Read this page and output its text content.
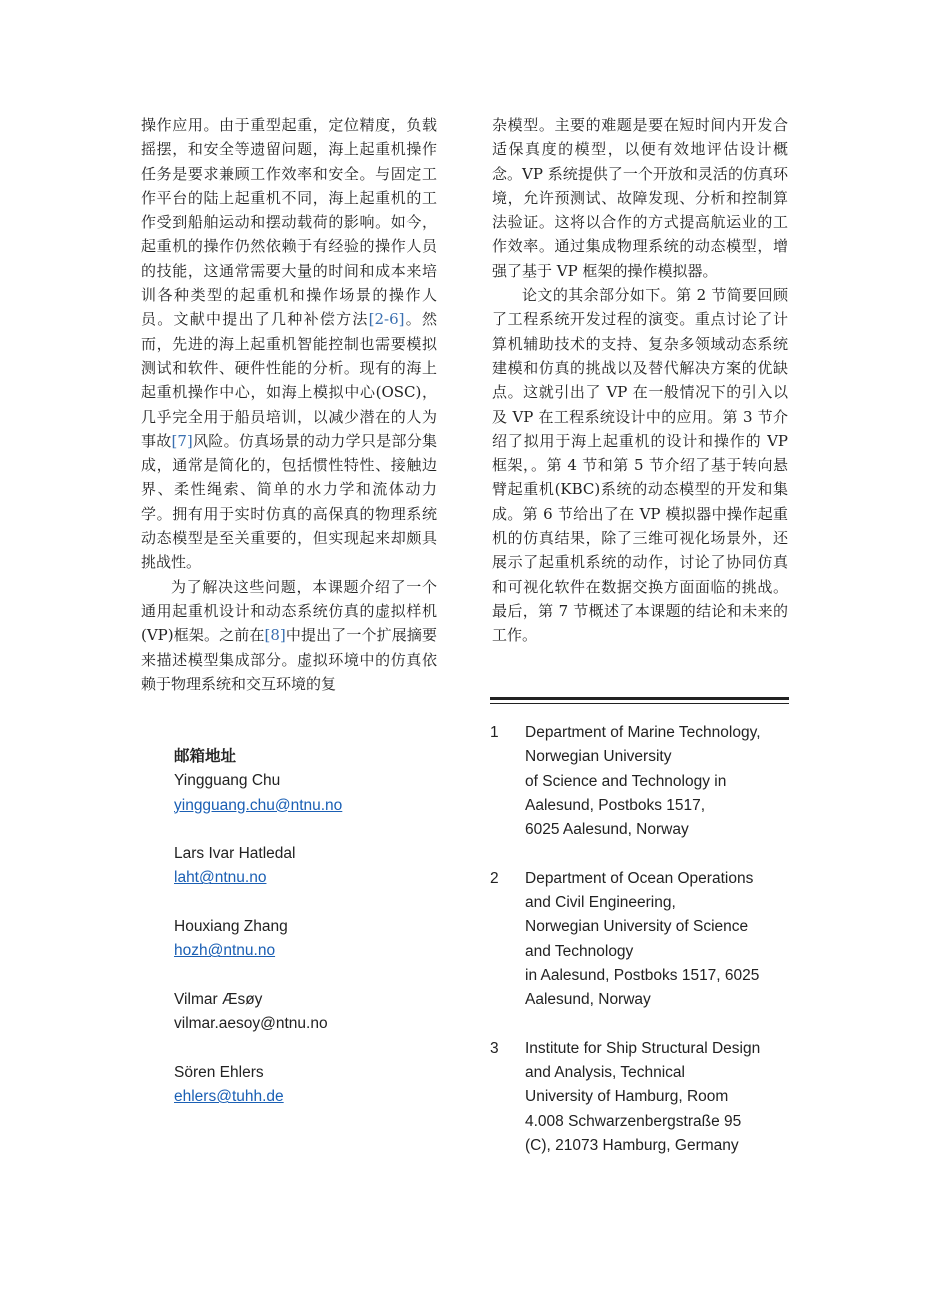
操作应用。由于重型起重，定位精度，负载摇摆，和安全等遗留问题，海上起重机操作任务是要求兼顾工作效率和安全。与固定工作平台的陆上起重机不同，海上起重机的工作受到船舶运动和摆动载荷的影响。如今，起重机的操作仍然依赖于有经验的操作人员的技能，这通常需要大量的时间和成本来培训各种类型的起重机和操作场景的操作人员。文献中提出了几种补偿方法[2-6]。然而，先进的海上起重机智能控制也需要模拟测试和软件、硬件性能的分析。现有的海上起重机操作中心，如海上模拟中心(OSC)，几乎完全用于船员培训，以减少潜在的人为事故[7]风险。仿真场景的动力学只是部分集成，通常是简化的，包括惯性特性、接触边界、柔性绳索、简单的水力学和流体动力学。拥有用于实时仿真的高保真的物理系统动态模型是至关重要的，但实现起来却颇具挑战性。

为了解决这些问题，本课题介绍了一个通用起重机设计和动态系统仿真的虚拟样机(VP)框架。之前在[8]中提出了一个扩展摘要来描述模型集成部分。虚拟环境中的仿真依赖于物理系统和交互环境的复

杂模型。主要的难题是要在短时间内开发合适保真度的模型，以便有效地评估设计概念。VP 系统提供了一个开放和灵活的仿真环境，允许预测试、故障发现、分析和控制算法验证。这将以合作的方式提高航运业的工作效率。通过集成物理系统的动态模型，增强了基于 VP 框架的操作模拟器。

论文的其余部分如下。第 2 节简要回顾了工程系统开发过程的演变。重点讨论了计算机辅助技术的支持、复杂多领域动态系统建模和仿真的挑战以及替代解决方案的优缺点。这就引出了 VP 在一般情况下的引入以及 VP 在工程系统设计中的应用。第 3 节介绍了拟用于海上起重机的设计和操作的 VP 框架，。第 4 节和第 5 节介绍了基于转向悬臂起重机(KBC)系统的动态模型的开发和集成。第 6 节给出了在 VP 模拟器中操作起重机的仿真结果，除了三维可视化场景外，还展示了起重机系统的动作，讨论了协同仿真和可视化软件在数据交换方面面临的挑战。最后，第 7 节概述了本课题的结论和未来的工作。

邮箱地址
Yingguang Chu
yingguang.chu@ntnu.no
Lars Ivar Hatledal
laht@ntnu.no
Houxiang Zhang
hozh@ntnu.no
Vilmar Æsøy
vilmar.aesoy@ntnu.no
Sören Ehlers
ehlers@tuhh.de
1	Department of Marine Technology,
Norwegian University
of Science and Technology in
Aalesund, Postboks 1517,
6025 Aalesund, Norway
2	Department of Ocean Operations
and Civil Engineering,
Norwegian University of Science
and Technology
in Aalesund, Postboks 1517, 6025
Aalesund, Norway
3	Institute for Ship Structural Design
and Analysis, Technical
University of Hamburg, Room
4.008 Schwarzenbergstraße 95
(C), 21073 Hamburg, Germany
